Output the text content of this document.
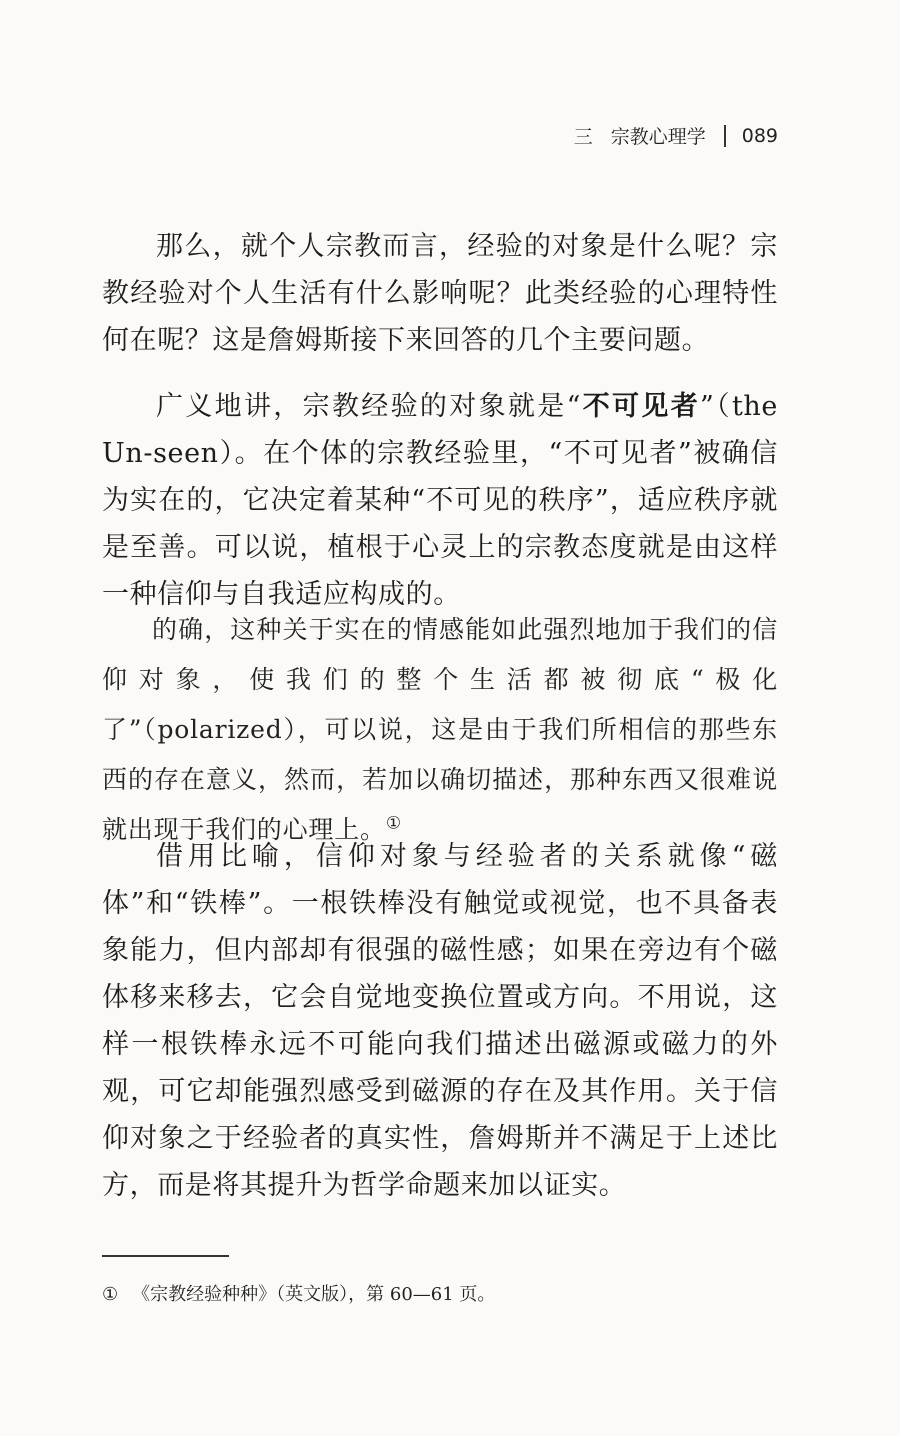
三 宗教心理学 089

那么，就个人宗教而言，经验的对象是什么呢？宗教经验对个人生活有什么影响呢？此类经验的心理特性何在呢？这是詹姆斯接下来回答的几个主要问题。

广义地讲，宗教经验的对象就是“不可见者”（the Un-seen）。在个体的宗教经验里，“不可见者”被确信为实在的，它决定着某种“不可见的秩序”，适应秩序就是至善。可以说，植根于心灵上的宗教态度就是由这样一种信仰与自我适应构成的。

的确，这种关于实在的情感能如此强烈地加于我们的信仰对象，使我们的整个生活都被彻底“极化了”（polarized），可以说，这是由于我们所相信的那些东西的存在意义，然而，若加以确切描述，那种东西又很难说就出现于我们的心理上。①

借用比喻，信仰对象与经验者的关系就像“磁体”和“铁棒”。一根铁棒没有触觉或视觉，也不具备表象能力，但内部却有很强的磁性感；如果在旁边有个磁体移来移去，它会自觉地变换位置或方向。不用说，这样一根铁棒永远不可能向我们描述出磁源或磁力的外观，可它却能强烈感受到磁源的存在及其作用。关于信仰对象之于经验者的真实性，詹姆斯并不满足于上述比方，而是将其提升为哲学命题来加以证实。

① 《宗教经验种种》（英文版），第 60—61 页。
